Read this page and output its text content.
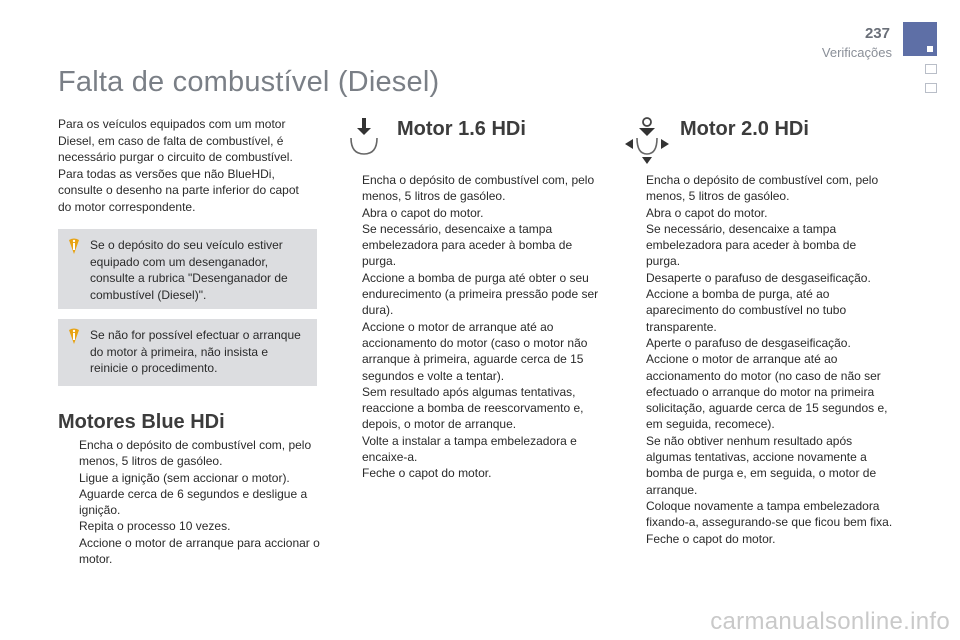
237
Verificações
Falta de combustível (Diesel)

Para os veículos equipados com um motor Diesel, em caso de falta de combustível, é necessário purgar o circuito de combustível. Para todas as versões que não BlueHDi, consulte o desenho na parte inferior do capot do motor correspondente.

Se o depósito do seu veículo estiver equipado com um desenganador, consulte a rubrica "Desenganador de combustível (Diesel)".
Se não for possível efectuar o arranque do motor à primeira, não insista e reinicie o procedimento.
Motores Blue HDi
Encha o depósito de combustível com, pelo menos, 5 litros de gasóleo.
Ligue a ignição (sem accionar o motor).
Aguarde cerca de 6 segundos e desligue a ignição.
Repita o processo 10 vezes.
Accione o motor de arranque para accionar o motor.
Motor 1.6 HDi
Encha o depósito de combustível com, pelo menos, 5 litros de gasóleo.
Abra o capot do motor.
Se necessário, desencaixe a tampa embelezadora para aceder à bomba de purga.
Accione a bomba de purga até obter o seu endurecimento (a primeira pressão pode ser dura).
Accione o motor de arranque até ao accionamento do motor (caso o motor não arranque à primeira, aguarde cerca de 15 segundos e volte a tentar).
Sem resultado após algumas tentativas, reaccione a bomba de reescorvamento e, depois, o motor de arranque.
Volte a instalar a tampa embelezadora e encaixe-a.
Feche o capot do motor.
Motor 2.0 HDi
Encha o depósito de combustível com, pelo menos, 5 litros de gasóleo.
Abra o capot do motor.
Se necessário, desencaixe a tampa embelezadora para aceder à bomba de purga.
Desaperte o parafuso de desgaseificação.
Accione a bomba de purga, até ao aparecimento do combustível no tubo transparente.
Aperte o parafuso de desgaseificação.
Accione o motor de arranque até ao accionamento do motor (no caso de não ser efectuado o arranque do motor na primeira solicitação, aguarde cerca de 15 segundos e, em seguida, recomece).
Se não obtiver nenhum resultado após algumas tentativas, accione novamente a bomba de purga e, em seguida, o motor de arranque.
Coloque novamente a tampa embelezadora fixando-a, assegurando-se que ficou bem fixa.
Feche o capot do motor.
carmanualsonline.info
